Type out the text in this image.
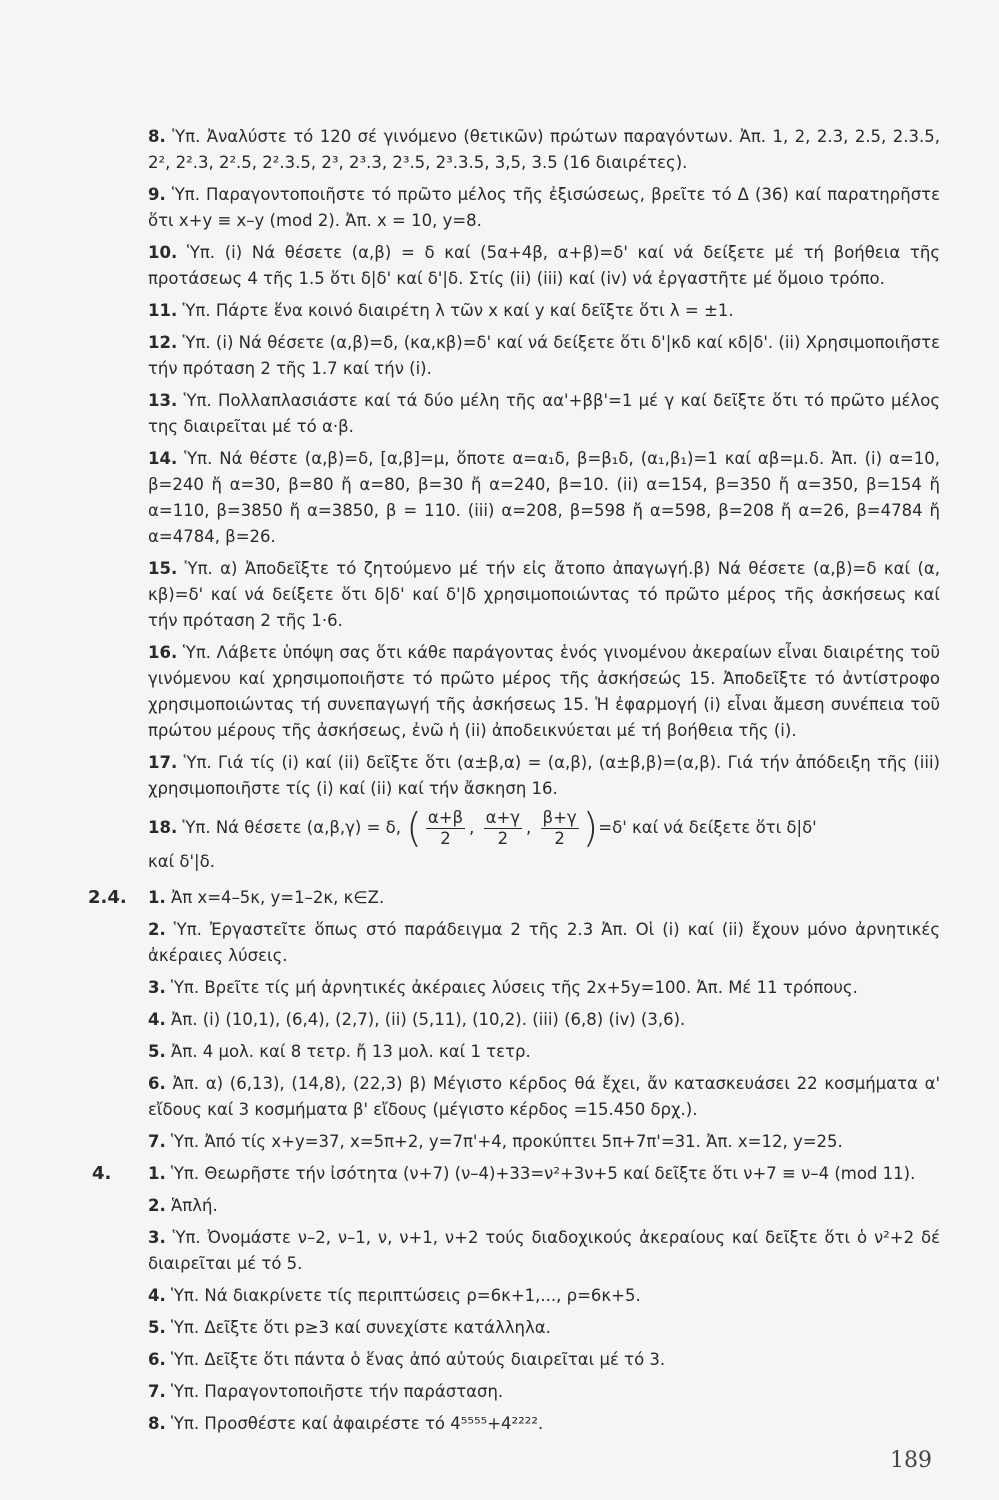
8. Ὑπ. Ἀναλύστε τό 120 σέ γινόμενο (θετικῶν) πρώτων παραγόντων. Ἀπ. 1, 2, 2.3, 2.5, 2.3.5, 2², 2².3, 2².5, 2².3.5, 2³, 2³.3, 2³.5, 2³.3.5, 3,5, 3.5 (16 διαιρέτες).
9. Ὑπ. Παραγοντοποιῆστε τό πρῶτο μέλος τῆς ἐξισώσεως, βρεῖτε τό Δ (36) καί παρατηρῆστε ὅτι x+y ≡ x–y (mod 2). Ἀπ. x = 10, y=8.
10. Ὑπ. (i) Νά θέσετε (α,β) = δ καί (5α+4β, α+β)=δ' καί νά δείξετε μέ τή βοήθεια τῆς προτάσεως 4 τῆς 1.5 ὅτι δ|δ' καί δ'|δ. Στίς (ii) (iii) καί (iv) νά ἐργαστῆτε μέ ὅμοιο τρόπο.
11. Ὑπ. Πάρτε ἕνα κοινό διαιρέτη λ τῶν x καί y καί δεῖξτε ὅτι λ = ±1.
12. Ὑπ. (i) Νά θέσετε (α,β)=δ, (κα,κβ)=δ' καί νά δείξετε ὅτι δ'|κδ καί κδ|δ'. (ii) Χρησιμοποιῆστε τήν πρόταση 2 τῆς 1.7 καί τήν (i).
13. Ὑπ. Πολλαπλασιάστε καί τά δύο μέλη τῆς αα'+ββ'=1 μέ γ καί δεῖξτε ὅτι τό πρῶτο μέλος της διαιρεῖται μέ τό α·β.
14. Ὑπ. Νά θέστε (α,β)=δ, [α,β]=μ, ὅποτε α=α₁δ, β=β₁δ, (α₁,β₁)=1 καί αβ=μ.δ. Ἀπ. (i) α=10, β=240 ἤ α=30, β=80 ἤ α=80, β=30 ἤ α=240, β=10. (ii) α=154, β=350 ἤ α=350, β=154 ἤ α=110, β=3850 ἤ α=3850, β = 110. (iii) α=208, β=598 ἤ α=598, β=208 ἤ α=26, β=4784 ἤ α=4784, β=26.
15. Ὑπ. α) Ἀποδεῖξτε τό ζητούμενο μέ τήν εἰς ἄτοπο ἀπαγωγή.β) Νά θέσετε (α,β)=δ καί (α, κβ)=δ' καί νά δείξετε ὅτι δ|δ' καί δ'|δ χρησιμοποιώντας τό πρῶτο μέρος τῆς ἀσκήσεως καί τήν πρόταση 2 τῆς 1·6.
16. Ὑπ. Λάβετε ὑπόψη σας ὅτι κάθε παράγοντας ἑνός γινομένου ἀκεραίων εἶναι διαιρέτης τοῦ γινόμενου καί χρησιμοποιῆστε τό πρῶτο μέρος τῆς ἀσκήσεώς 15. Ἀποδεῖξτε τό ἀντίστροφο χρησιμοποιώντας τή συνεπαγωγή τῆς ἀσκήσεως 15. Ἡ ἐφαρμογή (i) εἶναι ἄμεση συνέπεια τοῦ πρώτου μέρους τῆς ἀσκήσεως, ἐνῶ ἡ (ii) ἀποδεικνύεται μέ τή βοήθεια τῆς (i).
17. Ὑπ. Γιά τίς (i) καί (ii) δεῖξτε ὅτι (α±β,α) = (α,β), (α±β,β)=(α,β). Γιά τήν ἀπόδειξη τῆς (iii) χρησιμοποιῆστε τίς (i) καί (ii) καί τήν ἄσκηση 16.
18. Ὑπ. Νά θέσετε (α,β,γ) = δ, ( $\frac{\alpha+\beta}{2}$ , $\frac{\alpha+\gamma}{2}$ , $\frac{\beta+\gamma}{2} )=\delta'$ καί νά δείξετε ὅτι δ|δ'
καί δ'|δ.
2.4. 1. Ἀπ x=4–5κ, y=1–2κ, κ∈Z.
2. Ὑπ. Ἐργαστεῖτε ὅπως στό παράδειγμα 2 τῆς 2.3 Ἀπ. Οἱ (i) καί (ii) ἔχουν μόνο ἀρνητικές ἀκέραιες λύσεις.
3. Ὑπ. Βρεῖτε τίς μή ἀρνητικές ἀκέραιες λύσεις τῆς 2x+5y=100. Ἀπ. Μέ 11 τρόπους.
4. Ἀπ. (i) (10,1), (6,4), (2,7), (ii) (5,11), (10,2). (iii) (6,8) (iv) (3,6).
5. Ἀπ. 4 μολ. καί 8 τετρ. ἤ 13 μολ. καί 1 τετρ.
6. Ἀπ. α) (6,13), (14,8), (22,3) β) Μέγιστο κέρδος θά ἔχει, ἄν κατασκευάσει 22 κοσμήματα α' εἴδους καί 3 κοσμήματα β' εἴδους (μέγιστο κέρδος =15.450 δρχ.).
7. Ὑπ. Ἀπό τίς x+y=37, x=5π+2, y=7π'+4, προκύπτει 5π+7π'=31. Ἀπ. x=12, y=25.
4. 1. Ὑπ. Θεωρῆστε τήν ἰσότητα (ν+7) (ν–4)+33=ν²+3ν+5 καί δεῖξτε ὅτι ν+7 ≡ ν–4 (mod 11).
2. Ἁπλή.
3. Ὑπ. Ὀνομάστε ν–2, ν–1, ν, ν+1, ν+2 τούς διαδοχικούς ἀκεραίους καί δεῖξτε ὅτι ὁ ν²+2 δέ διαιρεῖται μέ τό 5.
4. Ὑπ. Νά διακρίνετε τίς περιπτώσεις ρ=6κ+1,..., ρ=6κ+5.
5. Ὑπ. Δεῖξτε ὅτι p≥3 καί συνεχίστε κατάλληλα.
6. Ὑπ. Δεῖξτε ὅτι πάντα ὁ ἕνας ἀπό αὐτούς διαιρεῖται μέ τό 3.
7. Ὑπ. Παραγοντοποιῆστε τήν παράσταση.
8. Ὑπ. Προσθέστε καί ἀφαιρέστε τό 4⁵⁵⁵⁵+4²²²².
189
